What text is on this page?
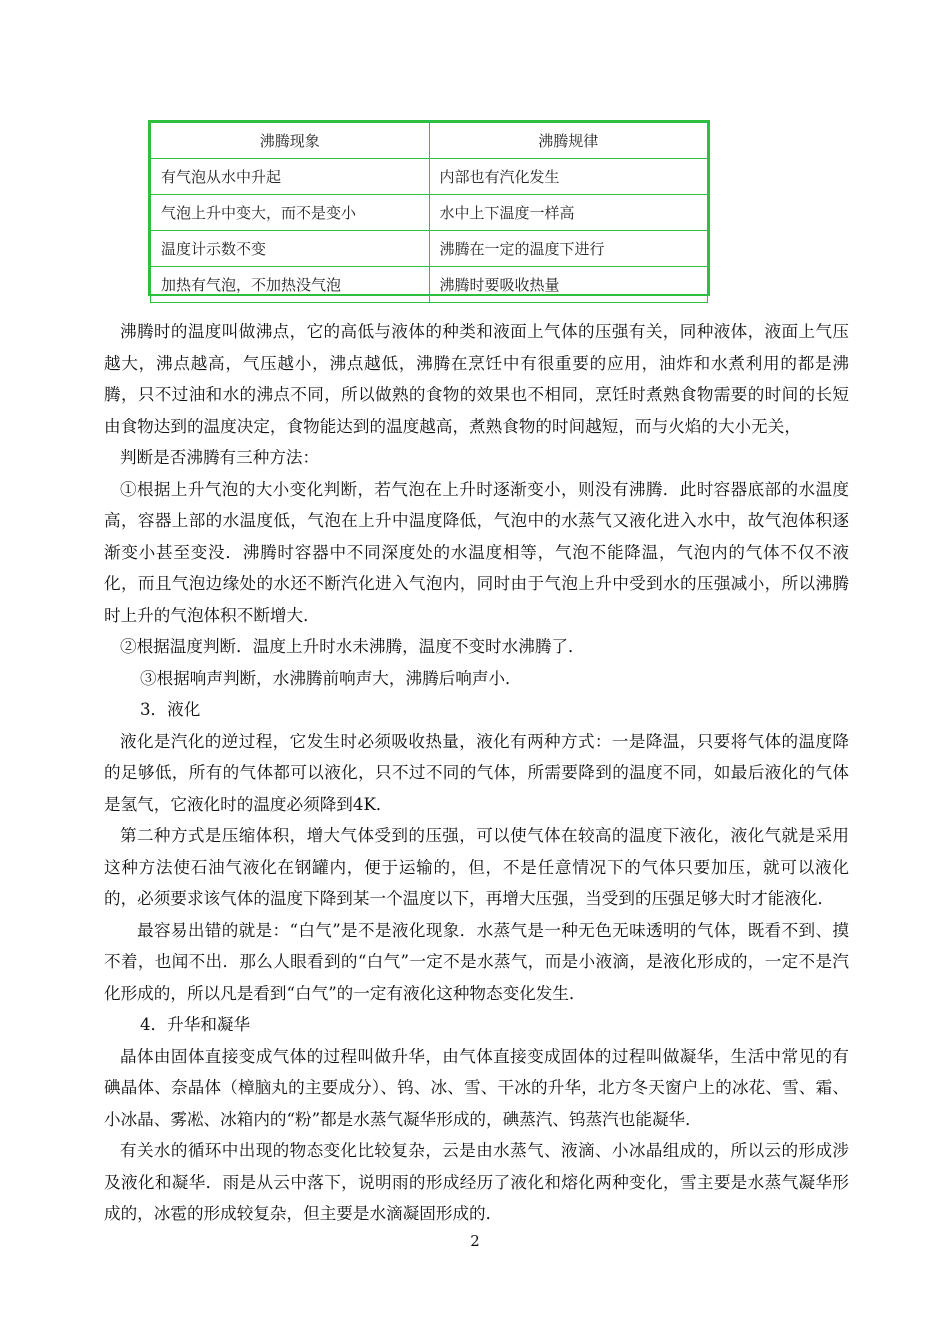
沸腾现象	沸腾规律
有气泡从水中升起	内部也有汽化发生
气泡上升中变大，而不是变小	水中上下温度一样高
温度计示数不变	沸腾在一定的温度下进行
加热有气泡，不加热没气泡	沸腾时要吸收热量

沸腾时的温度叫做沸点，它的高低与液体的种类和液面上气体的压强有关，同种液体，液面上气压越大，沸点越高，气压越小，沸点越低，沸腾在烹饪中有很重要的应用，油炸和水煮利用的都是沸腾，只不过油和水的沸点不同，所以做熟的食物的效果也不相同，烹饪时煮熟食物需要的时间的长短由食物达到的温度决定，食物能达到的温度越高，煮熟食物的时间越短，而与火焰的大小无关，

判断是否沸腾有三种方法：

①根据上升气泡的大小变化判断，若气泡在上升时逐渐变小，则没有沸腾．此时容器底部的水温度高，容器上部的水温度低，气泡在上升中温度降低，气泡中的水蒸气又液化进入水中，故气泡体积逐渐变小甚至变没．沸腾时容器中不同深度处的水温度相等，气泡不能降温，气泡内的气体不仅不液化，而且气泡边缘处的水还不断汽化进入气泡内，同时由于气泡上升中受到水的压强减小，所以沸腾时上升的气泡体积不断增大．

②根据温度判断．温度上升时水未沸腾，温度不变时水沸腾了．

③根据响声判断，水沸腾前响声大，沸腾后响声小．

3．液化

液化是汽化的逆过程，它发生时必须吸收热量，液化有两种方式：一是降温，只要将气体的温度降的足够低，所有的气体都可以液化，只不过不同的气体，所需要降到的温度不同，如最后液化的气体是氢气，它液化时的温度必须降到4K．

第二种方式是压缩体积，增大气体受到的压强，可以使气体在较高的温度下液化，液化气就是采用这种方法使石油气液化在钢罐内，便于运输的，但，不是任意情况下的气体只要加压，就可以液化的，必须要求该气体的温度下降到某一个温度以下，再增大压强，当受到的压强足够大时才能液化．

最容易出错的就是：“白气”是不是液化现象．水蒸气是一种无色无味透明的气体，既看不到、摸不着，也闻不出．那么人眼看到的“白气”一定不是水蒸气，而是小液滴，是液化形成的，一定不是汽化形成的，所以凡是看到“白气”的一定有液化这种物态变化发生．

4．升华和凝华

晶体由固体直接变成气体的过程叫做升华，由气体直接变成固体的过程叫做凝华，生活中常见的有碘晶体、奈晶体（樟脑丸的主要成分）、钨、冰、雪、干冰的升华，北方冬天窗户上的冰花、雪、霜、小冰晶、雾凇、冰箱内的“粉”都是水蒸气凝华形成的，碘蒸汽、钨蒸汽也能凝华．

有关水的循环中出现的物态变化比较复杂，云是由水蒸气、液滴、小冰晶组成的，所以云的形成涉及液化和凝华．雨是从云中落下，说明雨的形成经历了液化和熔化两种变化，雪主要是水蒸气凝华形成的，冰雹的形成较复杂，但主要是水滴凝固形成的．

2
